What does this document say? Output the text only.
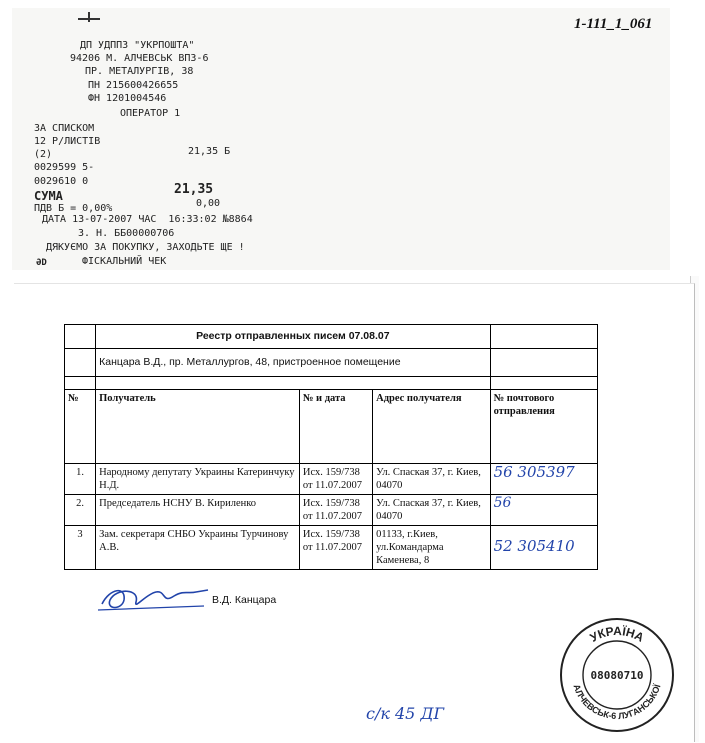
ДП УДППЗ "УКРПОШТА"
94206 М. АЛЧЕВСЬК ВПЗ-6
ПР. МЕТАЛУРГІВ, 38
ПН 215600426655
ФН 1201004546
ОПЕРАТОР 1
ЗА СПИСКОМ
12 Р/ЛИСТІВ
(2)	21,35 Б
0029599 5-
0029610 0
СУМА	21,35
ПДВ Б = 0,00%	0,00
ДАТА 13-07-2007 ЧАС  16:33:02 №8864
З. Н. ББ00000706
ДЯКУЄМО ЗА ПОКУПКУ, ЗАХОДЬТЕ ЩЕ !
ƏD	ФІСКАЛЬНИЙ ЧЕК
1-111_1_061
	Реестр отправленных писем 07.08.07			
	Канцара В.Д., пр. Металлургов, 48, пристроенное помещение			

№	Получатель	№ и дата	Адрес получателя	№ почтового отправления
1.	Народному депутату Украины Катеринчуку Н.Д.	Исх. 159/738 от 11.07.2007	Ул. Спаская 37, г. Киев, 04070	56 305397
2.	Председатель НСНУ В. Кириленко	Исх. 159/738 от 11.07.2007	Ул. Спаская 37, г. Киев, 04070	56
3	Зам. секретаря СНБО Украины Турчинову А.В.	Исх. 159/738 от 11.07.2007	01133, г.Киев, ул.Командарма Каменева, 8	52 305410
В.Д. Канцара
с/к 45 ДГ
УКРАЇНА
АЛЧЕВСЬК-6 ЛУГАНСЬКОЇ
08080710
